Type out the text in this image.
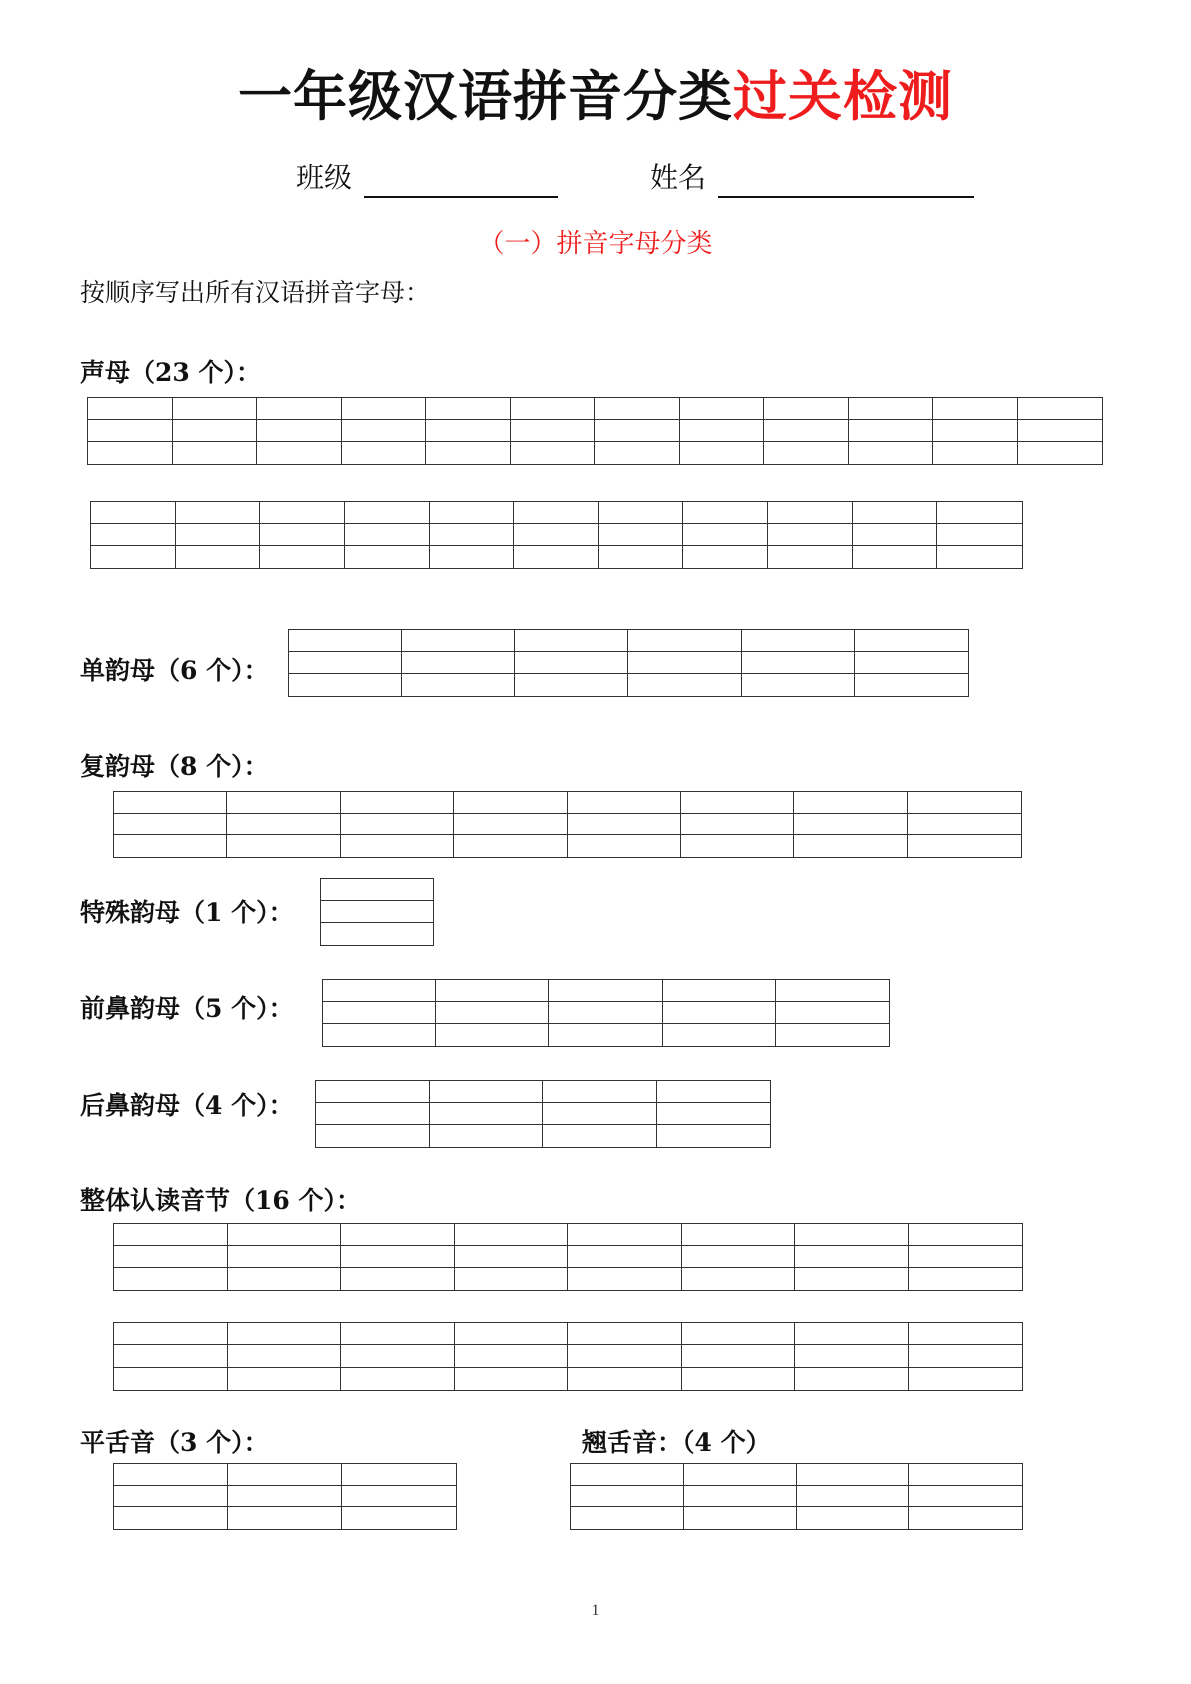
一年级汉语拼音分类过关检测
班级	姓名
（一）拼音字母分类
按顺序写出所有汉语拼音字母：
声母（23 个）：
单韵母（6 个）：
复韵母（8 个）：
特殊韵母（1 个）：
前鼻韵母（5 个）：
后鼻韵母（4 个）：
整体认读音节（16 个）：
平舌音（3 个）：	翘舌音：（4 个）
1
